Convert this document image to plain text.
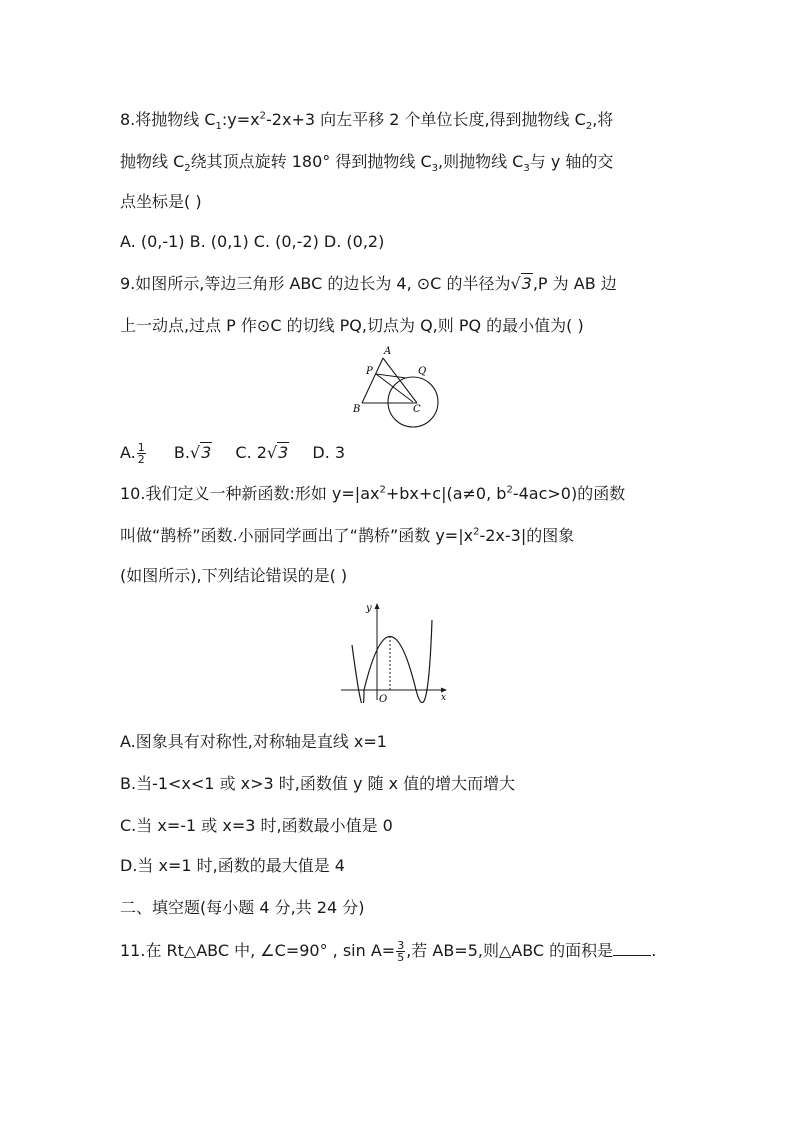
8.将抛物线 $C_1:y=x^2-2x+3$ 向左平移 2 个单位长度,得到抛物线 $C_2$,将
抛物线 $C_2$绕其顶点旋转 180° 得到抛物线 $C_3$,则抛物线 $C_3$与 y 轴的交
点坐标是( )
A. (0,-1) B. (0,1) C. (0,-2) D. (0,2)
9.如图所示,等边三角形 ABC 的边长为 4, ⊙C 的半径为√3,P 为 AB 边
上一动点,过点 P 作⊙C 的切线 PQ,切点为 Q,则 PQ 的最小值为( )
A
B	C
P	Q
A. $\frac{1}{2} B.√3$ C. 2√3 D. 3
10.我们定义一种新函数:形如 $y=|ax^2+bx+c|(a\ne 0$, $b^2-4ac>0$)的函数
叫做“鹊桥”函数.小丽同学画出了“鹊桥”函数 $y=|x^2-2x-3|$的图象
(如图所示),下列结论错误的是( )
y
x
O
A.图象具有对称性,对称轴是直线 x=1
B.当-1<x<1 或 x>3 时,函数值 y 随 x 值的增大而增大
C.当 x=-1 或 x=3 时,函数最小值是 0
D.当 x=1 时,函数的最大值是 4
二、填空题(每小题 4 分,共 24 分)
11.在 Rt△ABC 中, ∠C=90° , $\sin A= \frac{3}{5}$ ,若 AB=5,则△ABC 的面积是 .
